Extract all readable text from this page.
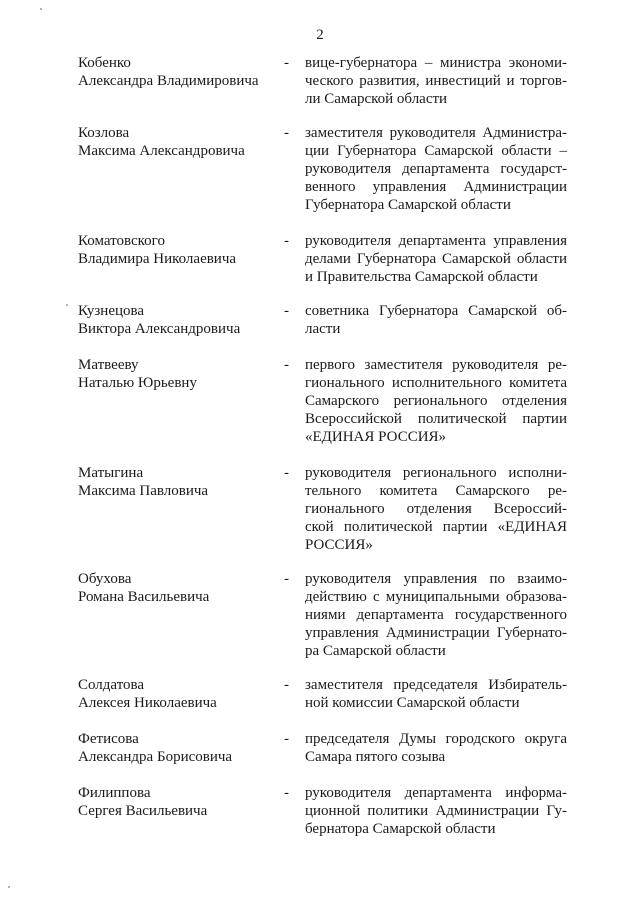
2
Кобенко
Александра Владимировича
- вице-губернатора – министра экономи-
ческого развития, инвестиций и торгов-
ли Самарской области
Козлова
Максима Александровича
- заместителя руководителя Администра-
ции Губернатора Самарской области –
руководителя департамента государст-
венного управления Администрации
Губернатора Самарской области
Коматовского
Владимира Николаевича
- руководителя департамента управления
делами Губернатора Самарской области
и Правительства Самарской области
Кузнецова
Виктора Александровича
- советника Губернатора Самарской об-
ласти
Матвееву
Наталью Юрьевну
- первого заместителя руководителя ре-
гионального исполнительного комитета
Самарского регионального отделения
Всероссийской политической партии
«ЕДИНАЯ РОССИЯ»
Матыгина
Максима Павловича
- руководителя регионального исполни-
тельного комитета Самарского ре-
гионального отделения Всероссий-
ской политической партии «ЕДИНАЯ
РОССИЯ»
Обухова
Романа Васильевича
- руководителя управления по взаимо-
действию с муниципальными образова-
ниями департамента государственного
управления Администрации Губернато-
ра Самарской области
Солдатова
Алексея Николаевича
- заместителя председателя Избиратель-
ной комиссии Самарской области
Фетисова
Александра Борисовича
- председателя Думы городского округа
Самара пятого созыва
Филиппова
Сергея Васильевича
- руководителя департамента информа-
ционной политики Администрации Гу-
бернатора Самарской области
